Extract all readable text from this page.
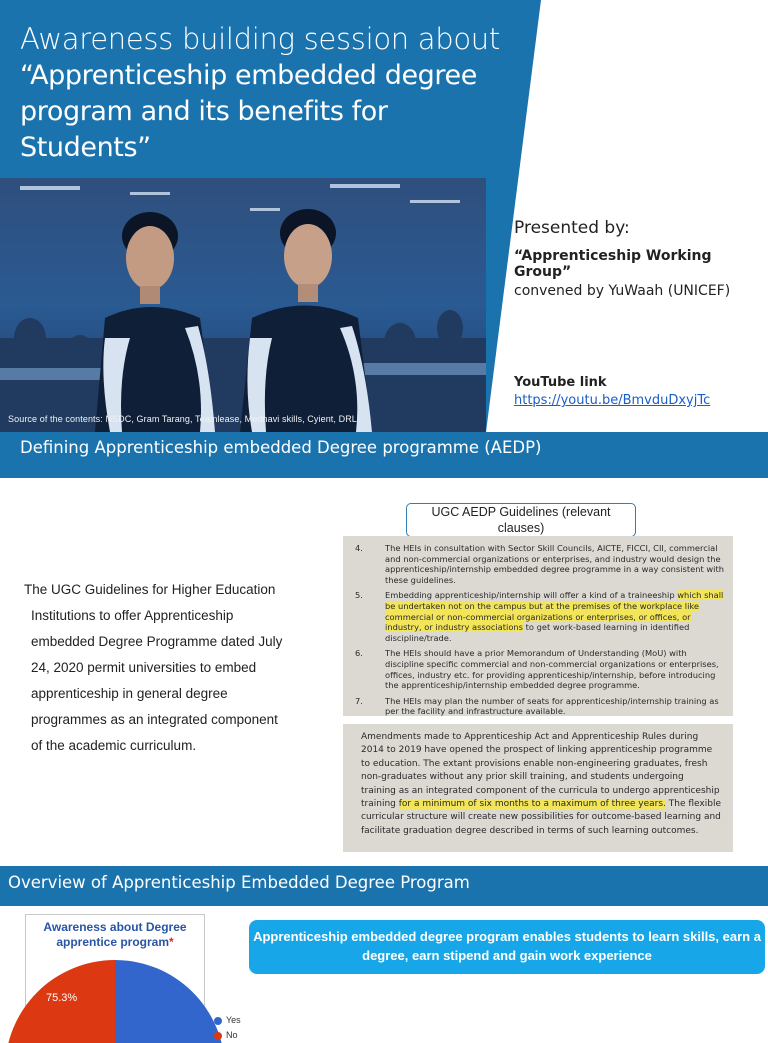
Awareness building session about
“Apprenticeship embedded degree program and its benefits for Students”
Source of the contents: NSDC, Gram Tarang, Teamlease, Medhavi skills, Cyient, DRL
Presented by:
“Apprenticeship Working Group”
convened by YuWaah (UNICEF)
YouTube link
https://youtu.be/BmvduDxyjTc
Defining Apprenticeship embedded Degree programme (AEDP)
The UGC Guidelines for Higher Education
Institutions to offer Apprenticeship
embedded Degree Programme dated July
24, 2020 permit universities to embed
apprenticeship in general degree
programmes as an integrated component
of the academic curriculum.
UGC AEDP Guidelines (relevant clauses)
4.	The HEIs in consultation with Sector Skill Councils, AICTE, FICCI, CII, commercial and non-commercial organizations or enterprises, and industry would design the apprenticeship/internship embedded degree programme in a way consistent with these guidelines.
5.	Embedding apprenticeship/internship will offer a kind of a traineeship which shall be undertaken not on the campus but at the premises of the workplace like commercial or non-commercial organizations or enterprises, or offices, or industry, or industry associations to get work-based learning in identified discipline/trade.
6.	The HEIs should have a prior Memorandum of Understanding (MoU) with discipline specific commercial and non-commercial organizations or enterprises, offices, industry etc. for providing apprenticeship/internship, before introducing the apprenticeship/internship embedded degree programme.
7.	The HEIs may plan the number of seats for apprenticeship/internship training as per the facility and infrastructure available.
Amendments made to Apprenticeship Act and Apprenticeship Rules during 2014 to 2019 have opened the prospect of linking apprenticeship programme to education. The extant provisions enable non-engineering graduates, fresh non-graduates without any prior skill training, and students undergoing training as an integrated component of the curricula to undergo apprenticeship training for a minimum of six months to a maximum of three years. The flexible curricular structure will create new possibilities for outcome-based learning and facilitate graduation degree described in terms of such learning outcomes.
Overview of Apprenticeship Embedded Degree Program
Awareness about Degree apprentice program*
75.3%
Yes
No
Apprenticeship embedded degree program enables students to learn skills, earn a degree, earn stipend and gain work experience
